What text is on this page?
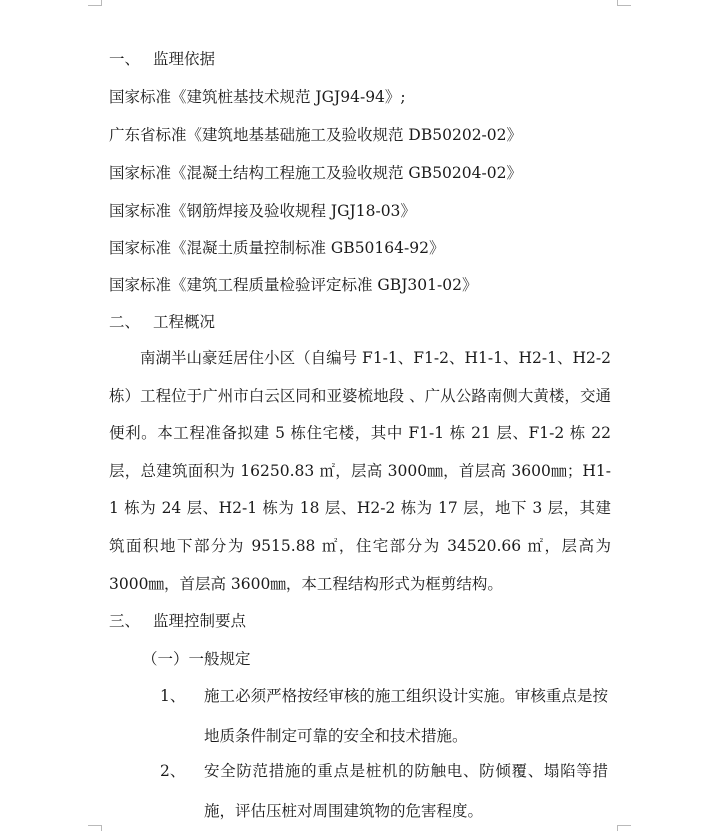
一、 监理依据
国家标准《建筑桩基技术规范 JGJ94-94》;
广东省标准《建筑地基基础施工及验收规范 DB50202-02》
国家标准《混凝土结构工程施工及验收规范 GB50204-02》
国家标准《钢筋焊接及验收规程 JGJ18-03》
国家标准《混凝土质量控制标准 GB50164-92》
国家标准《建筑工程质量检验评定标准 GBJ301-02》
二、 工程概况
南湖半山豪廷居住小区（自编号 F1-1、F1-2、H1-1、H2-1、H2-2 栋）工程位于广州市白云区同和亚婆梳地段 、广从公路南侧大黄楼，交通便利。本工程准备拟建 5 栋住宅楼，其中 F1-1 栋 21 层、F1-2 栋 22 层，总建筑面积为 16250.83 ㎡，层高 3000㎜，首层高 3600㎜；H1-1 栋为 24 层、H2-1 栋为 18 层、H2-2 栋为 17 层，地下 3 层，其建筑面积地下部分为 9515.88 ㎡，住宅部分为 34520.66 ㎡，层高为 3000㎜，首层高 3600㎜，本工程结构形式为框剪结构。
三、 监理控制要点
（一）一般规定
1、	施工必须严格按经审核的施工组织设计实施。审核重点是按地质条件制定可靠的安全和技术措施。
2、	安全防范措施的重点是桩机的防触电、防倾覆、塌陷等措施，评估压桩对周围建筑物的危害程度。
